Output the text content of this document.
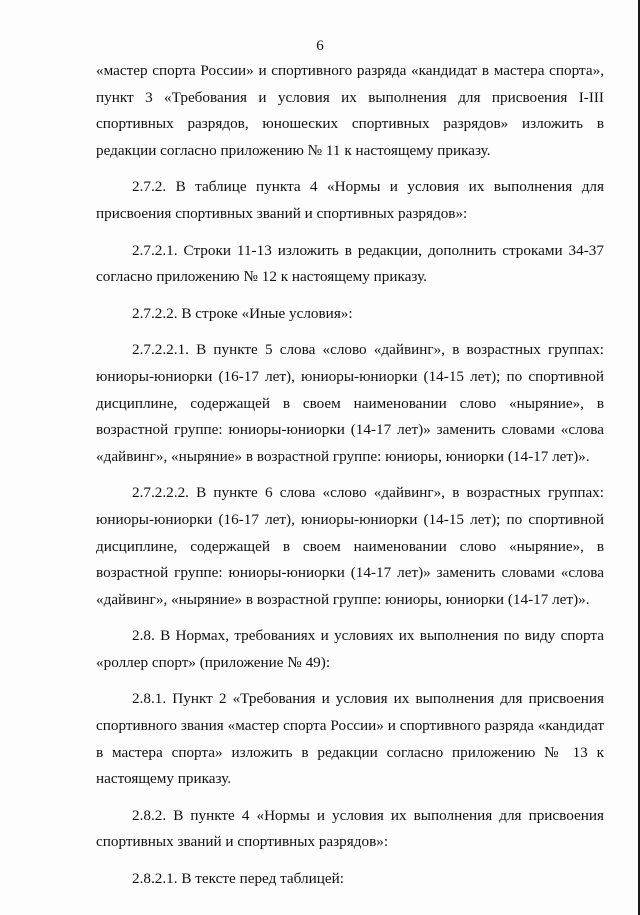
6

«мастер спорта России» и спортивного разряда «кандидат в мастера спорта», пункт 3 «Требования и условия их выполнения для присвоения I-III спортивных разрядов, юношеских спортивных разрядов» изложить в редакции согласно приложению № 11 к настоящему приказу.

2.7.2. В таблице пункта 4 «Нормы и условия их выполнения для присвоения спортивных званий и спортивных разрядов»:

2.7.2.1. Строки 11-13 изложить в редакции, дополнить строками 34-37 согласно приложению № 12 к настоящему приказу.

2.7.2.2. В строке «Иные условия»:

2.7.2.2.1. В пункте 5 слова «слово «дайвинг», в возрастных группах: юниоры-юниорки (16-17 лет), юниоры-юниорки (14-15 лет); по спортивной дисциплине, содержащей в своем наименовании слово «ныряние», в возрастной группе: юниоры-юниорки (14-17 лет)» заменить словами «слова «дайвинг», «ныряние» в возрастной группе: юниоры, юниорки (14-17 лет)».

2.7.2.2.2. В пункте 6 слова «слово «дайвинг», в возрастных группах: юниоры-юниорки (16-17 лет), юниоры-юниорки (14-15 лет); по спортивной дисциплине, содержащей в своем наименовании слово «ныряние», в возрастной группе: юниоры-юниорки (14-17 лет)» заменить словами «слова «дайвинг», «ныряние» в возрастной группе: юниоры, юниорки (14-17 лет)».

2.8. В Нормах, требованиях и условиях их выполнения по виду спорта «роллер спорт» (приложение № 49):

2.8.1. Пункт 2 «Требования и условия их выполнения для присвоения спортивного звания «мастер спорта России» и спортивного разряда «кандидат в мастера спорта» изложить в редакции согласно приложению № 13 к настоящему приказу.

2.8.2. В пункте 4 «Нормы и условия их выполнения для присвоения спортивных званий и спортивных разрядов»:

2.8.2.1. В тексте перед таблицей:
